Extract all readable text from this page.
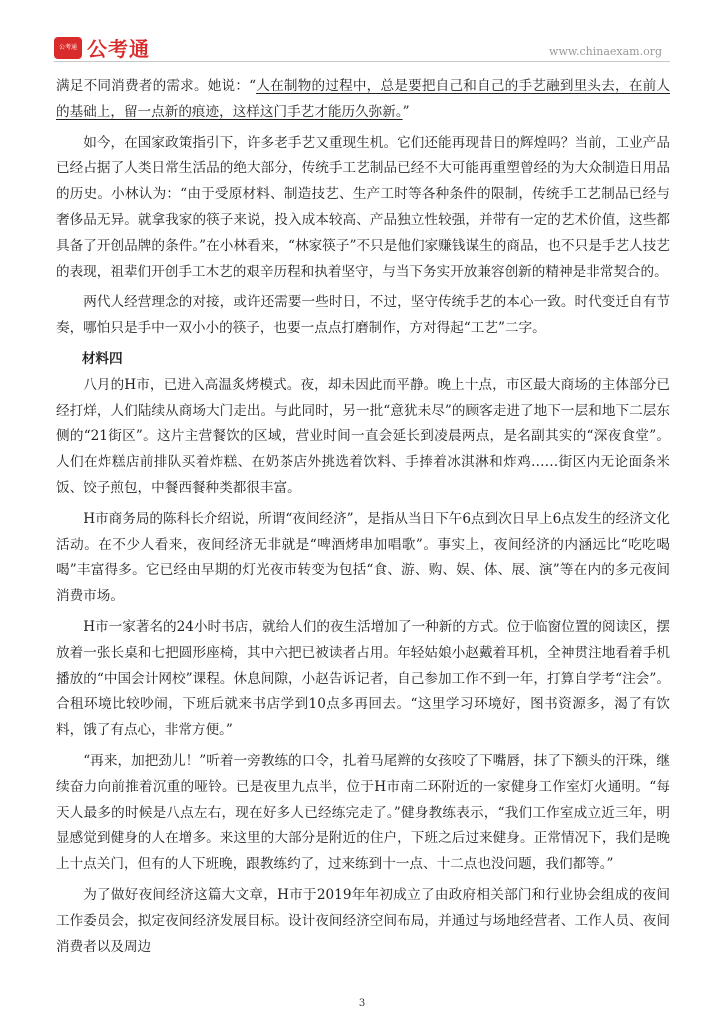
公考通 公考通	www.chinaexam.org

满足不同消费者的需求。她说：“人在制物的过程中，总是要把自己和自己的手艺融到里头去，在前人的基础上，留一点新的痕迹，这样这门手艺才能历久弥新。”

如今，在国家政策指引下，许多老手艺又重现生机。它们还能再现昔日的辉煌吗？当前，工业产品已经占据了人类日常生活品的绝大部分，传统手工艺制品已经不大可能再重塑曾经的为大众制造日用品的历史。小林认为：“由于受原材料、制造技艺、生产工时等各种条件的限制，传统手工艺制品已经与奢侈品无异。就拿我家的筷子来说，投入成本较高、产品独立性较强，并带有一定的艺术价值，这些都具备了开创品牌的条件。”在小林看来，“林家筷子”不只是他们家赚钱谋生的商品，也不只是手艺人技艺的表现，祖辈们开创手工木艺的艰辛历程和执着坚守，与当下务实开放兼容创新的精神是非常契合的。

两代人经营理念的对接，或许还需要一些时日，不过，坚守传统手艺的本心一致。时代变迁自有节奏，哪怕只是手中一双小小的筷子，也要一点点打磨制作，方对得起“工艺”二字。

材料四

八月的H市，已进入高温炙烤模式。夜，却未因此而平静。晚上十点，市区最大商场的主体部分已经打烊，人们陆续从商场大门走出。与此同时，另一批“意犹未尽”的顾客走进了地下一层和地下二层东侧的“21街区”。这片主营餐饮的区域，营业时间一直会延长到凌晨两点，是名副其实的“深夜食堂”。人们在炸糕店前排队买着炸糕、在奶茶店外挑选着饮料、手捧着冰淇淋和炸鸡……街区内无论面条米饭、饺子煎包，中餐西餐种类都很丰富。

H市商务局的陈科长介绍说，所谓“夜间经济”，是指从当日下午6点到次日早上6点发生的经济文化活动。在不少人看来，夜间经济无非就是“啤酒烤串加唱歌”。事实上，夜间经济的内涵远比“吃吃喝喝”丰富得多。它已经由早期的灯光夜市转变为包括“食、游、购、娱、体、展、演”等在内的多元夜间消费市场。

H市一家著名的24小时书店，就给人们的夜生活增加了一种新的方式。位于临窗位置的阅读区，摆放着一张长桌和七把圆形座椅，其中六把已被读者占用。年轻姑娘小赵戴着耳机，全神贯注地看着手机播放的“中国会计网校”课程。休息间隙，小赵告诉记者，自己参加工作不到一年，打算自学考“注会”。合租环境比较吵闹，下班后就来书店学到10点多再回去。“这里学习环境好，图书资源多，渴了有饮料，饿了有点心，非常方便。”

“再来，加把劲儿！”听着一旁教练的口令，扎着马尾辫的女孩咬了下嘴唇，抹了下额头的汗珠，继续奋力向前推着沉重的哑铃。已是夜里九点半，位于H市南二环附近的一家健身工作室灯火通明。“每天人最多的时候是八点左右，现在好多人已经练完走了。”健身教练表示，“我们工作室成立近三年，明显感觉到健身的人在增多。来这里的大部分是附近的住户，下班之后过来健身。正常情况下，我们是晚上十点关门，但有的人下班晚，跟教练约了，过来练到十一点、十二点也没问题，我们都等。”

为了做好夜间经济这篇大文章，H市于2019年年初成立了由政府相关部门和行业协会组成的夜间工作委员会，拟定夜间经济发展目标。设计夜间经济空间布局，并通过与场地经营者、工作人员、夜间消费者以及周边

3
